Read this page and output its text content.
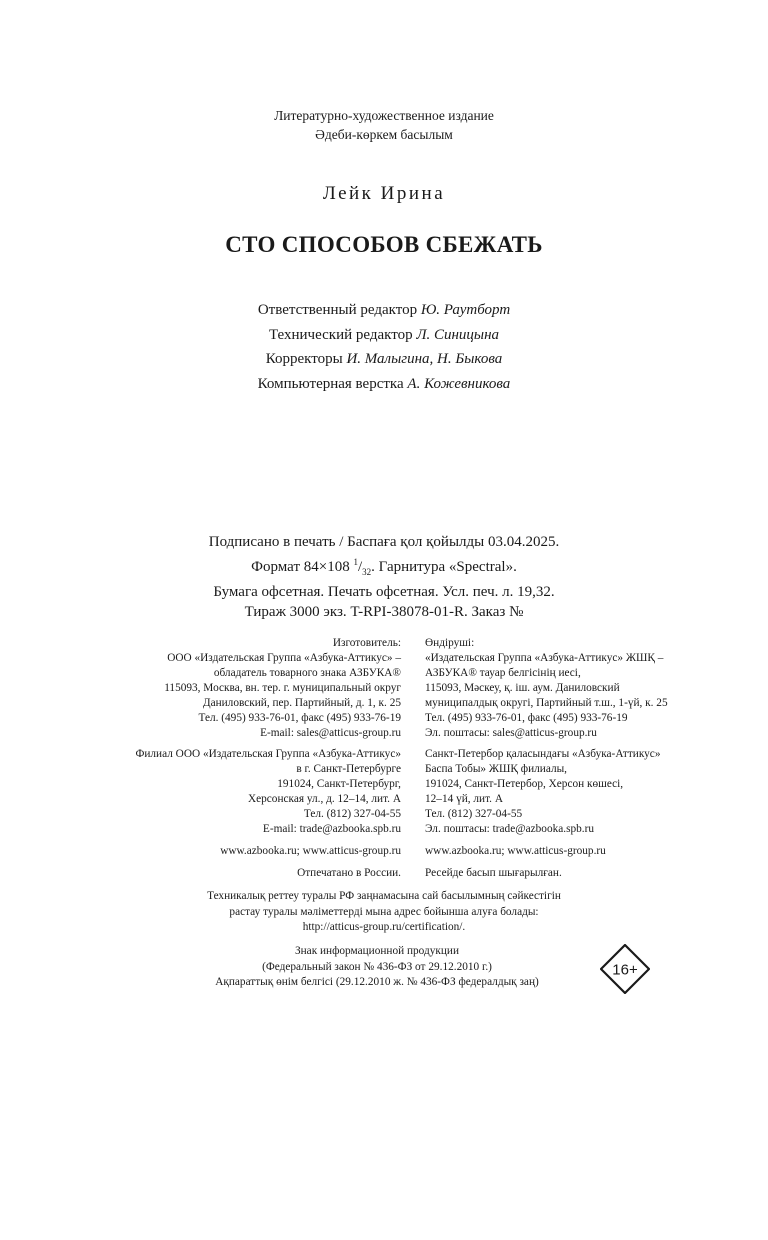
Литературно-художественное издание
Әдеби-көркем басылым
Лейк Ирина
СТО СПОСОБОВ СБЕЖАТЬ
Ответственный редактор Ю. Раутборт
Технический редактор Л. Синицына
Корректоры И. Малыгина, Н. Быкова
Компьютерная верстка А. Кожевникова
Подписано в печать / Баспаға қол қойылды 03.04.2025.
Формат 84×108 $^1/_{32}$. Гарнитура «Spectral».
Бумага офсетная. Печать офсетная. Усл. печ. л. 19,32.
Тираж 3000 экз. T-RPI-38078-01-R. Заказ №
Изготовитель:
ООО «Издательская Группа «Азбука-Аттикус» –
обладатель товарного знака АЗБУКА®
115093, Москва, вн. тер. г. муниципальный округ
Даниловский, пер. Партийный, д. 1, к. 25
Тел. (495) 933-76-01, факс (495) 933-76-19
E-mail: sales@atticus-group.ru
Филиал ООО «Издательская Группа «Азбука-Аттикус»
в г. Санкт-Петербурге
191024, Санкт-Петербург,
Херсонская ул., д. 12–14, лит. А
Тел. (812) 327-04-55
E-mail: trade@azbooka.spb.ru
www.azbooka.ru; www.atticus-group.ru
Отпечатано в России.
Өндіруші:
«Издательская Группа «Азбука-Аттикус» ЖШҚ –
АЗБУКА® тауар белгісінің иесі,
115093, Мәскеу, қ. іш. аум. Даниловский
муниципалдық округі, Партийный т.ш., 1-үй, к. 25
Тел. (495) 933-76-01, факс (495) 933-76-19
Эл. поштасы: sales@atticus-group.ru
Санкт-Петербор қаласындағы «Азбука-Аттикус»
Баспа Тобы» ЖШҚ филиалы,
191024, Санкт-Петербор, Херсон көшесі,
12–14 үй, лит. А
Тел. (812) 327-04-55
Эл. поштасы: trade@azbooka.spb.ru
www.azbooka.ru; www.atticus-group.ru
Ресейде басып шығарылған.
Техникалық реттеу туралы РФ заңнамасына сай басылымның сәйкестігін
растау туралы мәліметтерді мына адрес бойынша алуға болады:
http://atticus-group.ru/certification/.
Знак информационной продукции
(Федеральный закон № 436-ФЗ от 29.12.2010 г.)
Ақпараттық өнім белгісі (29.12.2010 ж. № 436-ФЗ федералдық заң)
16+
